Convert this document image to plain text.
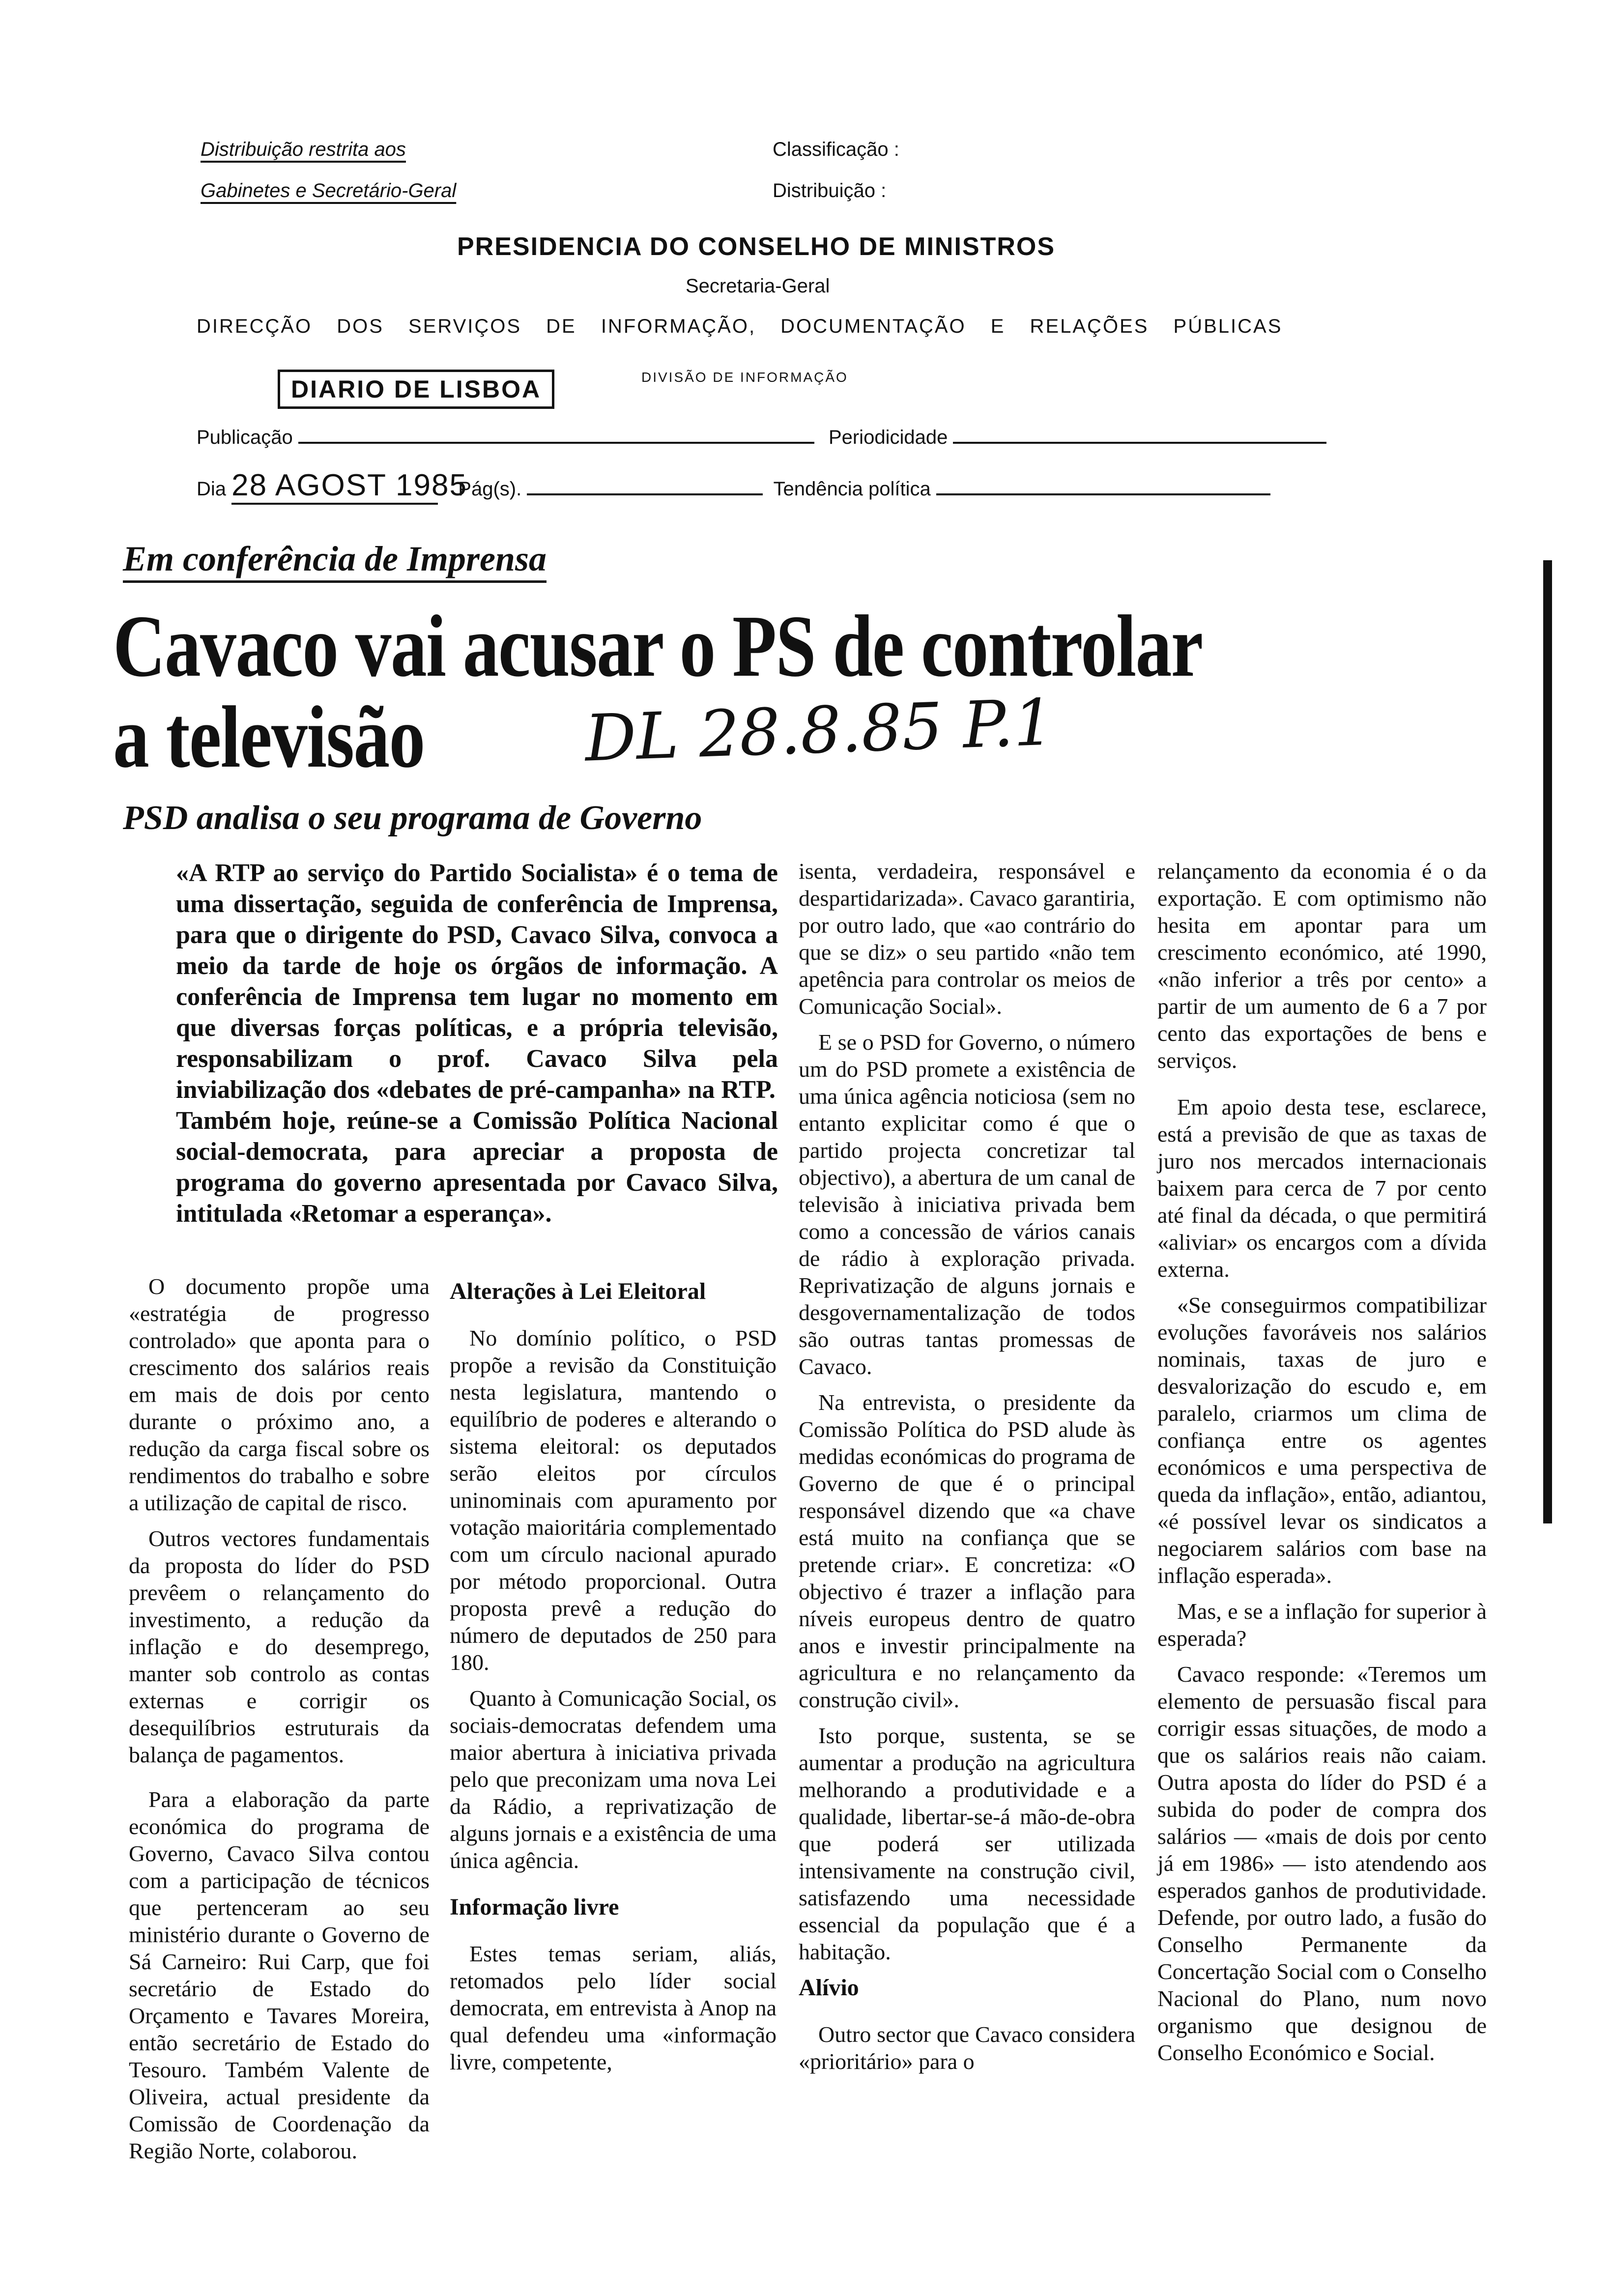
Distribuição restrita aos
Gabinetes e Secretário-Geral
Classificação :
Distribuição :
PRESIDENCIA DO CONSELHO DE MINISTROS
Secretaria-Geral
DIRECÇÃO DOS SERVIÇOS DE INFORMAÇÃO, DOCUMENTAÇÃO E RELAÇÕES PÚBLICAS
DIARIO DE LISBOA	DIVISÃO DE INFORMAÇÃO
Publicação	Periodicidade
Dia 28 AGOST 1985 Pág(s).	Tendência política
Em conferência de Imprensa
Cavaco vai acusar o PS de controlar
a televisão DL 28.8.85 P.1
PSD analisa o seu programa de Governo

«A RTP ao serviço do Partido Socialista» é o tema de uma dissertação, seguida de conferência de Imprensa, para que o dirigente do PSD, Cavaco Silva, convoca a meio da tarde de hoje os órgãos de informação. A conferência de Imprensa tem lugar no momento em que diversas forças políticas, e a própria televisão, responsabilizam o prof. Cavaco Silva pela inviabilização dos «debates de pré-campanha» na RTP.

Também hoje, reúne-se a Comissão Política Nacional social-democrata, para apreciar a proposta de programa do governo apresentada por Cavaco Silva, intitulada «Retomar a esperança».

O documento propõe uma «estratégia de progresso controlado» que aponta para o crescimento dos salários reais em mais de dois por cento durante o próximo ano, a redução da carga fiscal sobre os rendimentos do trabalho e sobre a utilização de capital de risco.

Outros vectores fundamentais da proposta do líder do PSD prevêem o relançamento do investimento, a redução da inflação e do desemprego, manter sob controlo as contas externas e corrigir os desequilíbrios estruturais da balança de pagamentos.

Para a elaboração da parte económica do programa de Governo, Cavaco Silva contou com a participação de técnicos que pertenceram ao seu ministério durante o Governo de Sá Carneiro: Rui Carp, que foi secretário de Estado do Orçamento e Tavares Moreira, então secretário de Estado do Tesouro. Também Valente de Oliveira, actual presidente da Comissão de Coordenação da Região Norte, colaborou.

Alterações à Lei Eleitoral

No domínio político, o PSD propõe a revisão da Constituição nesta legislatura, mantendo o equilíbrio de poderes e alterando o sistema eleitoral: os deputados serão eleitos por círculos uninominais com apuramento por votação maioritária complementado com um círculo nacional apurado por método proporcional. Outra proposta prevê a redução do número de deputados de 250 para 180.

Quanto à Comunicação Social, os sociais-democratas defendem uma maior abertura à iniciativa privada pelo que preconizam uma nova Lei da Rádio, a reprivatização de alguns jornais e a existência de uma única agência.

Informação livre

Estes temas seriam, aliás, retomados pelo líder social democrata, em entrevista à Anop na qual defendeu uma «informação livre, competente,

isenta, verdadeira, responsável e despartidarizada». Cavaco garantiria, por outro lado, que «ao contrário do que se diz» o seu partido «não tem apetência para controlar os meios de Comunicação Social».

E se o PSD for Governo, o número um do PSD promete a existência de uma única agência noticiosa (sem no entanto explicitar como é que o partido projecta concretizar tal objectivo), a abertura de um canal de televisão à iniciativa privada bem como a concessão de vários canais de rádio à exploração privada. Reprivatização de alguns jornais e desgovernamentalização de todos são outras tantas promessas de Cavaco.

Na entrevista, o presidente da Comissão Política do PSD alude às medidas económicas do programa de Governo de que é o principal responsável dizendo que «a chave está muito na confiança que se pretende criar». E concretiza: «O objectivo é trazer a inflação para níveis europeus dentro de quatro anos e investir principalmente na agricultura e no relançamento da construção civil».

Isto porque, sustenta, se se aumentar a produção na agricultura melhorando a produtividade e a qualidade, libertar-se-á mão-de-obra que poderá ser utilizada intensivamente na construção civil, satisfazendo uma necessidade essencial da população que é a habitação.

Alívio

Outro sector que Cavaco considera «prioritário» para o

relançamento da economia é o da exportação. E com optimismo não hesita em apontar para um crescimento económico, até 1990, «não inferior a três por cento» a partir de um aumento de 6 a 7 por cento das exportações de bens e serviços.

Em apoio desta tese, esclarece, está a previsão de que as taxas de juro nos mercados internacionais baixem para cerca de 7 por cento até final da década, o que permitirá «aliviar» os encargos com a dívida externa.

«Se conseguirmos compatibilizar evoluções favoráveis nos salários nominais, taxas de juro e desvalorização do escudo e, em paralelo, criarmos um clima de confiança entre os agentes económicos e uma perspectiva de queda da inflação», então, adiantou, «é possível levar os sindicatos a negociarem salários com base na inflação esperada».

Mas, e se a inflação for superior à esperada?

Cavaco responde: «Teremos um elemento de persuasão fiscal para corrigir essas situações, de modo a que os salários reais não caiam. Outra aposta do líder do PSD é a subida do poder de compra dos salários — «mais de dois por cento já em 1986» — isto atendendo aos esperados ganhos de produtividade. Defende, por outro lado, a fusão do Conselho Permanente da Concertação Social com o Conselho Nacional do Plano, num novo organismo que designou de Conselho Económico e Social.
